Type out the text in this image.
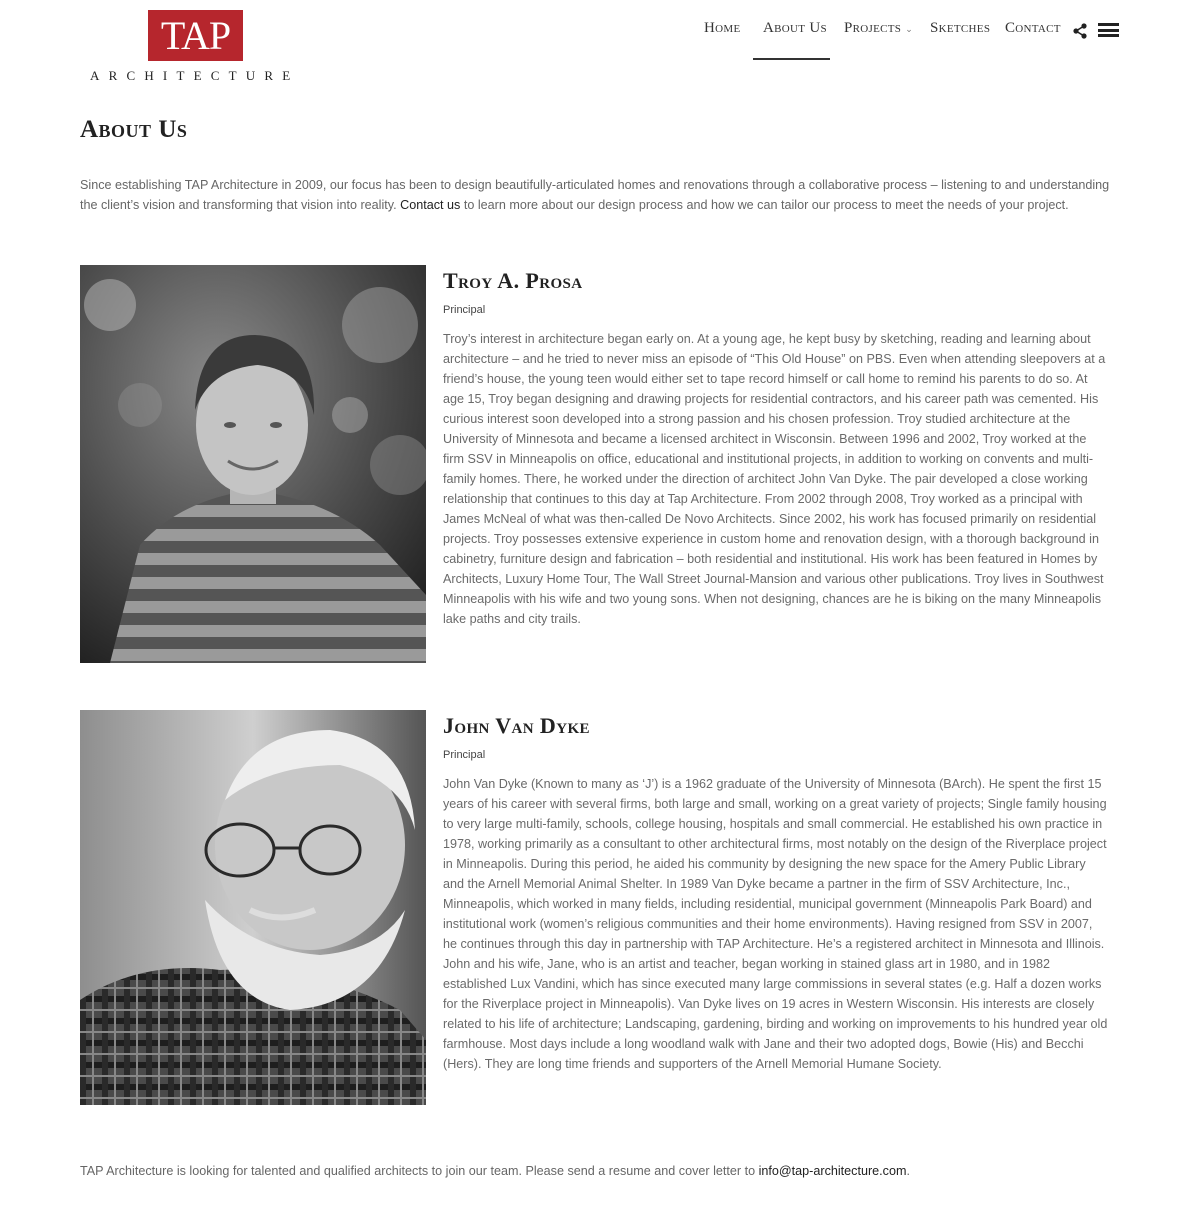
TAP
ARCHITECTURE
Home About Us Projects ⌄ Sketches Contact
About Us

Since establishing TAP Architecture in 2009, our focus has been to design beautifully-articulated homes and renovations through a collaborative process – listening to and understanding the client’s vision and transforming that vision into reality. Contact us to learn more about our design process and how we can tailor our process to meet the needs of your project.

Troy A. Prosa
Principal

Troy’s interest in architecture began early on. At a young age, he kept busy by sketching, reading and learning about architecture – and he tried to never miss an episode of “This Old House” on PBS. Even when attending sleepovers at a friend’s house, the young teen would either set to tape record himself or call home to remind his parents to do so. At age 15, Troy began designing and drawing projects for residential contractors, and his career path was cemented. His curious interest soon developed into a strong passion and his chosen profession. Troy studied architecture at the University of Minnesota and became a licensed architect in Wisconsin. Between 1996 and 2002, Troy worked at the firm SSV in Minneapolis on office, educational and institutional projects, in addition to working on convents and multi-family homes. There, he worked under the direction of architect John Van Dyke. The pair developed a close working relationship that continues to this day at Tap Architecture. From 2002 through 2008, Troy worked as a principal with James McNeal of what was then-called De Novo Architects. Since 2002, his work has focused primarily on residential projects. Troy possesses extensive experience in custom home and renovation design, with a thorough background in cabinetry, furniture design and fabrication – both residential and institutional. His work has been featured in Homes by Architects, Luxury Home Tour, The Wall Street Journal-Mansion and various other publications. Troy lives in Southwest Minneapolis with his wife and two young sons. When not designing, chances are he is biking on the many Minneapolis lake paths and city trails.

John Van Dyke
Principal

John Van Dyke (Known to many as ‘J’) is a 1962 graduate of the University of Minnesota (BArch). He spent the first 15 years of his career with several firms, both large and small, working on a great variety of projects; Single family housing to very large multi-family, schools, college housing, hospitals and small commercial. He established his own practice in 1978, working primarily as a consultant to other architectural firms, most notably on the design of the Riverplace project in Minneapolis. During this period, he aided his community by designing the new space for the Amery Public Library and the Arnell Memorial Animal Shelter. In 1989 Van Dyke became a partner in the firm of SSV Architecture, Inc., Minneapolis, which worked in many fields, including residential, municipal government (Minneapolis Park Board) and institutional work (women’s religious communities and their home environments). Having resigned from SSV in 2007, he continues through this day in partnership with TAP Architecture. He’s a registered architect in Minnesota and Illinois. John and his wife, Jane, who is an artist and teacher, began working in stained glass art in 1980, and in 1982 established Lux Vandini, which has since executed many large commissions in several states (e.g. Half a dozen works for the Riverplace project in Minneapolis). Van Dyke lives on 19 acres in Western Wisconsin. His interests are closely related to his life of architecture; Landscaping, gardening, birding and working on improvements to his hundred year old farmhouse. Most days include a long woodland walk with Jane and their two adopted dogs, Bowie (His) and Becchi (Hers). They are long time friends and supporters of the Arnell Memorial Humane Society.

TAP Architecture is looking for talented and qualified architects to join our team. Please send a resume and cover letter to info@tap-architecture.com.
